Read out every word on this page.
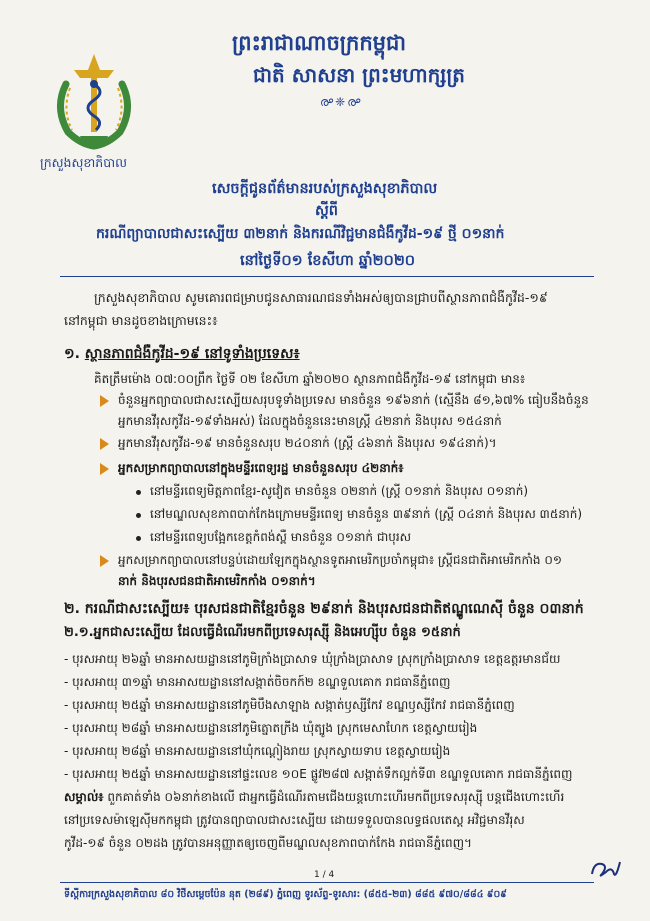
ក្រសួងសុខាភិបាល
ព្រះរាជាណាចក្រកម្ពុជា
ជាតិ សាសនា ព្រះមហាក្សត្រ
൙❈൙
សេចក្តីជូនព័ត៌មានរបស់ក្រសួងសុខាភិបាល
ស្តីពី
ករណីព្យាបាលជាសះស្បើយ ៣២នាក់ និងករណីវិជ្ជមានជំងឺកូវីដ-១៩ ថ្មី ០១នាក់
នៅថ្ងៃទី០១ ខែសីហា ឆ្នាំ២០២០
ក្រសួងសុខាភិបាល សូមគោរពជម្រាបជូនសាធារណជនទាំងអស់ឲ្យបានជ្រាបពីស្ថានភាពជំងឺកូវីដ-១៩
នៅកម្ពុជា មានដូចខាងក្រោមនេះ៖
១. ស្ថានភាពជំងឺកូវីដ-១៩ នៅទូទាំងប្រទេស៖
គិតត្រឹមម៉ោង ០៧:០០ព្រឹក ថ្ងៃទី ០២ ខែសីហា ឆ្នាំ២០២០ ស្ថានភាពជំងឺកូវីដ-១៩ នៅកម្ពុជា មាន៖
ចំនួនអ្នកព្យាបាលជាសះស្បើយសរុបទូទាំងប្រទេស មានចំនួន ១៩៦នាក់ (ស្មើនឹង ៨១,៦៧% ធៀបនឹងចំនួន
អ្នកមានវីរុសកូវីដ-១៩ទាំងអស់) ដែលក្នុងចំនួននេះមានស្រ្តី ៤២នាក់ និងបុរស ១៥៤នាក់
អ្នកមានវីរុសកូវីដ-១៩ មានចំនួនសរុប ២៤០នាក់ (ស្ត្រី ៤៦នាក់ និងបុរស ១៩៤នាក់)។
អ្នកសម្រាកព្យាបាលនៅក្នុងមន្ទីរពេទ្យរដ្ឋ មានចំនួនសរុប ៤២នាក់៖
នៅមន្ទីរពេទ្យមិត្តភាពខ្មែរ-សូវៀត មានចំនួន ០២នាក់ (ស្ត្រី ០១នាក់ និងបុរស ០១នាក់)
នៅមណ្ឌលសុខភាពបាក់កែងក្រោមមន្ទីរពេទ្យ មានចំនួន ៣៩នាក់ (ស្ត្រី ០៤នាក់ និងបុរស ៣៥នាក់)
នៅមន្ទីរពេទ្យបង្អែកខេត្តកំពង់ស្ពឺ មានចំនួន ០១នាក់ ជាបុរស
អ្នកសម្រាកព្យាបាលនៅបន្ទប់ដោយឡែកក្នុងស្ថានទូតអាមេរិកប្រចាំកម្ពុជា៖ ស្ត្រីជនជាតិអាមេរិកកាំង ០១
នាក់ និងបុរសជនជាតិអាមេរិកកាំង ០១នាក់។
២. ករណីជាសះស្បើយ៖ បុរសជនជាតិខ្មែរចំនួន ២៩នាក់ និងបុរសជនជាតិឥណ្ឌូណេស៊ី ចំនួន ០៣នាក់
២.១.អ្នកជាសះស្បើយ ដែលធ្វើដំណើរមកពីប្រទេសរុស្ស៊ី និងអេហ្ស៊ីប ចំនួន ១៥នាក់
- បុរសអាយុ ២៦ឆ្នាំ មានអាសយដ្ឋាននៅភូមិក្រាំងប្រាសាទ ឃុំក្រាំងប្រាសាទ ស្រុកក្រាំងប្រាសាទ ខេត្តឧត្តរមានជ័យ
- បុរសអាយុ ៣១ឆ្នាំ មានអាសយដ្ឋាននៅសង្កាត់ចិចកក៍២ ខណ្ឌទួលគោក រាជធានីភ្នំពេញ
- បុរសអាយុ ២៥ឆ្នាំ មានអាសយដ្ឋាននៅភូមិបឹងសាឡាង សង្កាត់ឫស្សីកែវ ខណ្ឌឫស្សីកែវ រាជធានីភ្នំពេញ
- បុរសអាយុ ២៨ឆ្នាំ មានអាសយដ្ឋាននៅភូមិត្នោតក្រីង ឃុំត្បូង ស្រុកមេសាហែក ខេត្តស្វាយរៀង
- បុរសអាយុ ២៨ឆ្នាំ មានអាសយដ្ឋាននៅឃុំកណ្តៀងរាយ ស្រុកស្វាយទាប ខេត្តស្វាយរៀង
- បុរសអាយុ ២៥ឆ្នាំ មានអាសយដ្ឋាននៅផ្ទះលេខ ១០E ផ្លូវ២៨៧ សង្កាត់ទឹកល្អក់ទី៣ ខណ្ឌទួលគោក រាជធានីភ្នំពេញ
សម្គាល់៖ ពួកគាត់ទាំង ០៦នាក់ខាងលើ ជាអ្នកធ្វើដំណើរតាមជើងយន្តហោះហើរមកពីប្រទេសរុស្ស៊ី បន្តជើងហោះហើរ
នៅប្រទេសម៉ាឡេស៊ីមកកម្ពុជា ត្រូវបានព្យាបាលជាសះស្បើយ ដោយទទួលបានលទ្ធផលតេស្ត អវិជ្ជមានវីរុស
កូវីដ-១៩ ចំនួន ០២ដង ត្រូវបានអនុញ្ញាតឲ្យចេញពីមណ្ឌលសុខភាពបាក់កែង រាជធានីភ្នំពេញ។
1 / 4
ទីស្តីការក្រសួងសុខាភិបាល ៨០ វិថីសម្តេចប៉ែន នុត (២៨៩) ភ្នំពេញ ទូរស័ព្ទ-ទូរសារ: (៨៥៥-២៣) ៨៨៥ ៩៧០/៨៨៤ ៩០៩
